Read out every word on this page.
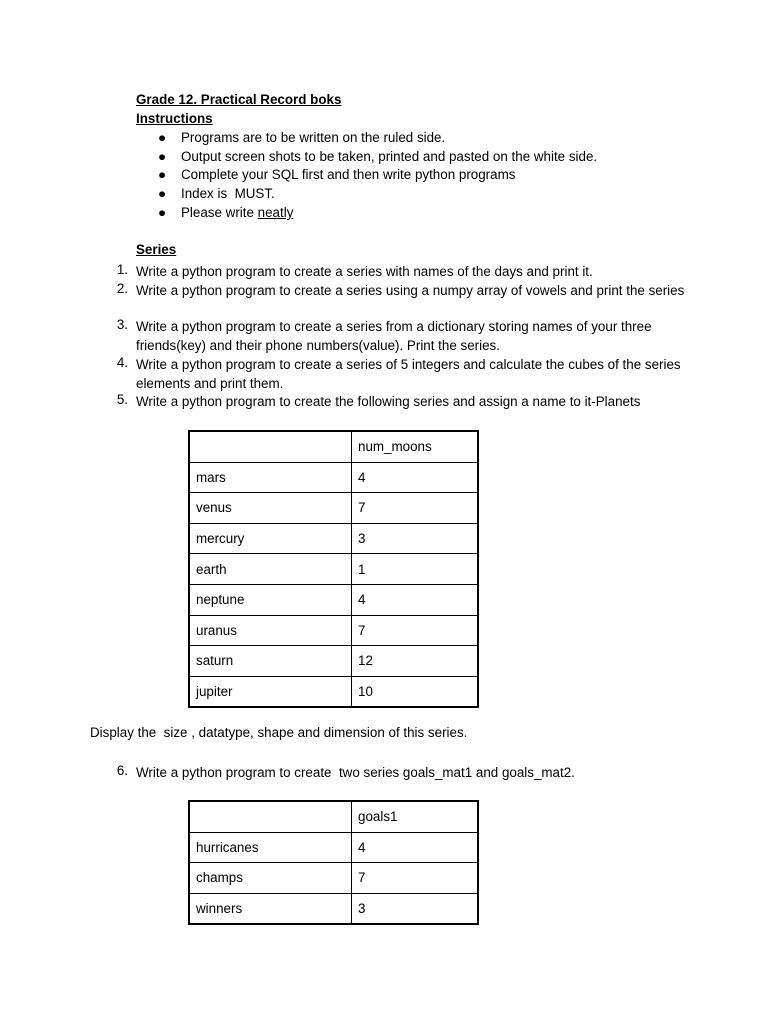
Grade 12. Practical Record boks
Instructions
● Programs are to be written on the ruled side.
● Output screen shots to be taken, printed and pasted on the white side.
● Complete your SQL first and then write python programs
● Index is  MUST.
● Please write neatly
Series
1. Write a python program to create a series with names of the days and print it.
2. Write a python program to create a series using a numpy array of vowels and print the series
3. Write a python program to create a series from a dictionary storing names of your three friends(key) and their phone numbers(value). Print the series.
4. Write a python program to create a series of 5 integers and calculate the cubes of the series elements and print them.
5. Write a python program to create the following series and assign a name to it-Planets
	num_moons
mars	4
venus	7
mercury	3
earth	1
neptune	4
uranus	7
saturn	12
jupiter	10
Display the  size , datatype, shape and dimension of this series.
6. Write a python program to create  two series goals_mat1 and goals_mat2.
	goals1
hurricanes	4
champs	7
winners	3
